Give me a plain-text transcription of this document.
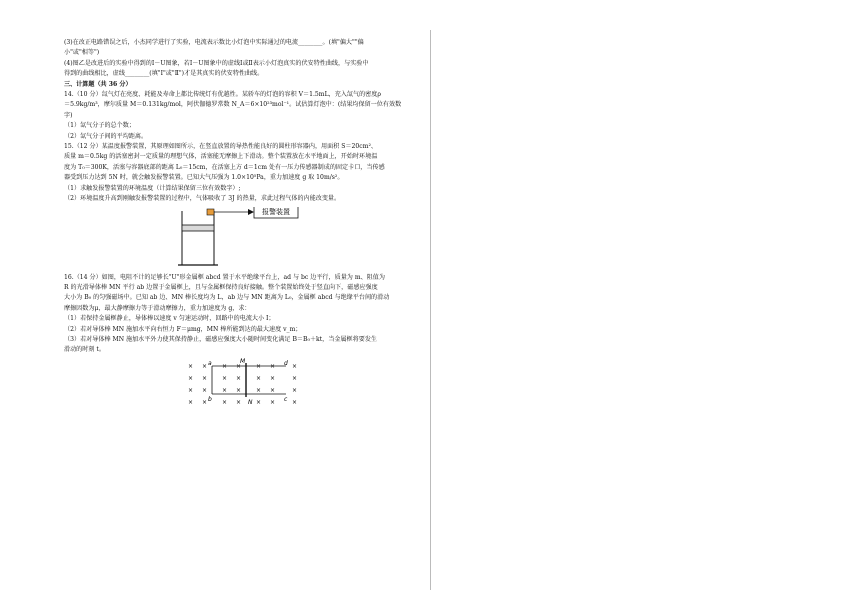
(3)在改正电路错误之后，小杰同学进行了实验，电流表示数比小灯泡中实际通过的电流________。(填"偏大""偏
小"或"相等")

(4)图乙是改进后的实验中得到的I－U图象，若I－U图象中的虚线Ⅰ或Ⅱ表示小灯泡真实的伏安特性曲线，与实验中
得到的曲线相比，虚线________(填"Ⅰ"或"Ⅱ")才是其真实的伏安特性曲线。

三、计算题（共 36 分）

14.（10 分）氙气灯在亮度、耗能及寿命上都比传统灯有优越性。某轿车的灯泡的容积 V＝1.5mL，充入氙气的密度ρ
＝5.9kg/m³，摩尔质量 M＝0.131kg/mol，阿伏伽德罗常数 N_A＝6×10²³mol⁻¹。试估算灯泡中：(结果均保留一位有效数
字)
（1）氙气分子的总个数；
（2）氙气分子间的平均距离。

15.（12 分）某温度报警装置，其原理如图所示，在竖直放置的导热性能良好的圆柱形容器内，用面积 S＝20cm²、
质量 m＝0.5kg 的活塞密封一定质量的理想气体，活塞能无摩擦上下滑动。整个装置放在水平地面上，开始时环境温
度为 T₀＝300K，活塞与容器底部的距离 L₀＝15cm，在活塞上方 d＝1cm 处有一压力传感器制成的固定卡口，当传感
器受到压力达到 5N 时，就会触发报警装置。已知大气压强为 1.0×10⁵Pa，重力加速度 g 取 10m/s²。
（1）求触发报警装置的环境温度（计算结果保留三位有效数字）;
（2）环境温度升高到刚触发报警装置的过程中，气体吸收了 3J 的热量，求此过程气体的内能改变量。

报警装置

16.（14 分）如图，电阻不计的足够长"U"形金属框 abcd 置于水平绝缘平台上，ad 与 bc 边平行，质量为 m、阻值为
R 的光滑导体棒 MN 平行 ab 边置于金属框上，且与金属框保持良好接触。整个装置始终处于竖直向下，磁感应强度
大小为 B₀ 的匀强磁场中。已知 ab 边、MN 棒长度均为 L，ab 边与 MN 距离为 L₀，金属框 abcd 与绝缘平台间的滑动
摩擦因数为μ，最大静摩擦力等于滑动摩擦力，重力加速度为 g，求：
（1）若保持金属框静止，导体棒以速度 v 匀速运动时，回路中的电流大小 I；
（2）若对导体棒 MN 施加水平向右恒力 F＝μmg，MN 棒所能到达的最大速度 v_m；
（3）若对导体棒 MN 施加水平外力使其保持静止，磁感应强度大小随时间变化满足 B＝B₀＋kt，当金属框将要发生
滑动的时刻 t。

× × × × × ×	×
× × × × × ×	×
× × × × × ×	×
× × × × × ×	×
a
b	c
d
M
N
